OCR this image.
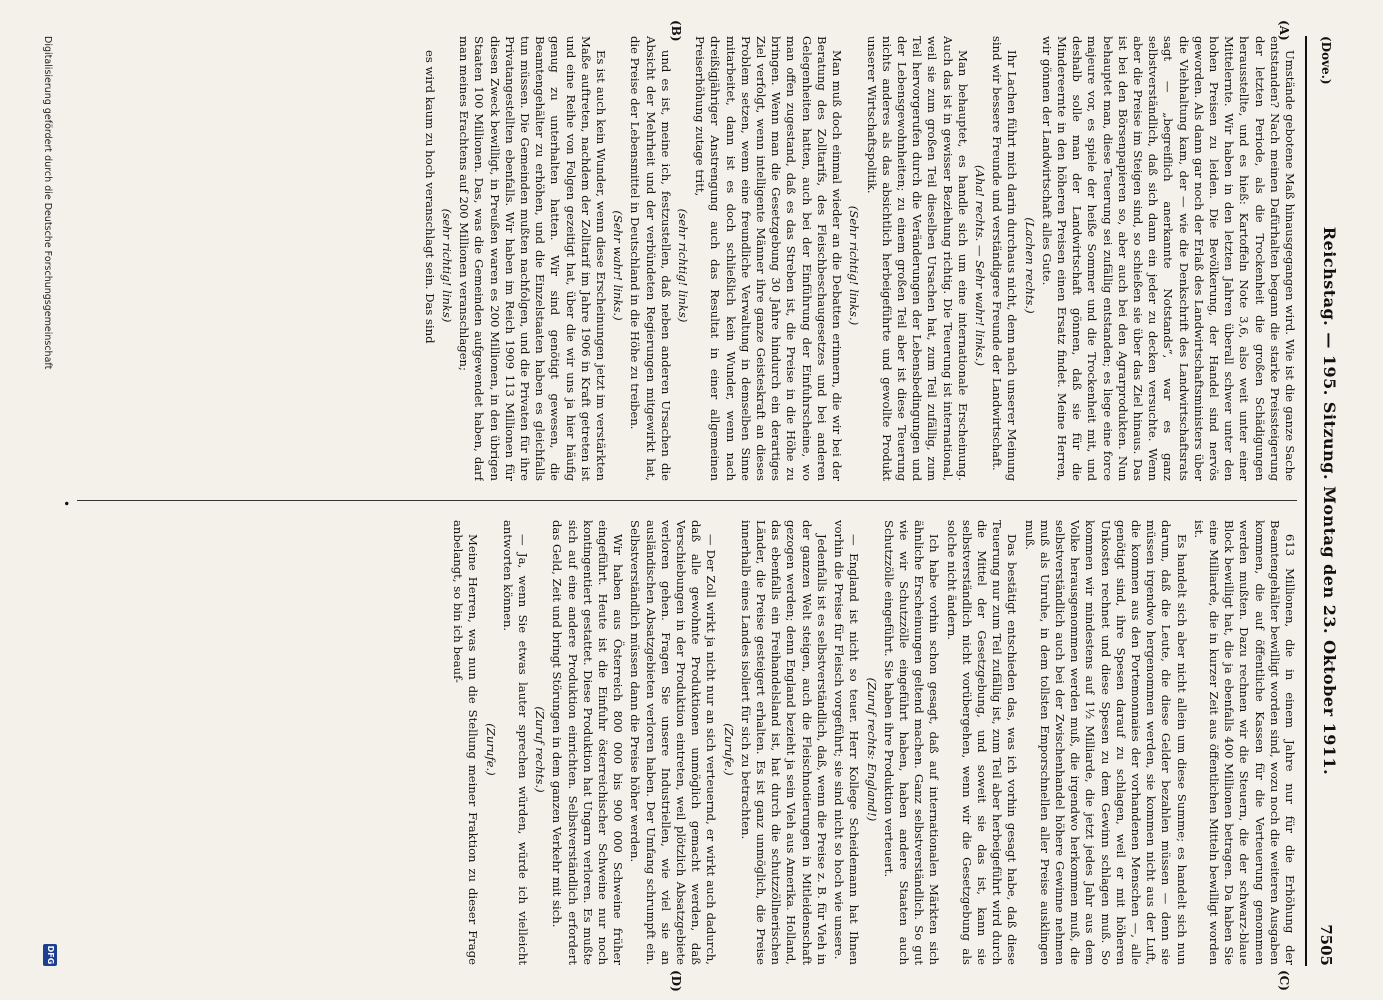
(Dove.)
Reichstag. — 195. Sitzung. Montag den 23. Oktober 1911.
7505
(A)
(B)
(C)
(D)

Umstände gebotene Maß hinausgegangen wird. Wie ist die ganze Sache entstanden? Nach meinen Dafürhalten begann die starke Preissteigerung der letzten Periode, als die Trockenheit die großen Schädigungen herausstellte, und es hieß: Kartoffeln Note 3,6, also weit unter einer Mittelernte. Wir haben in den letzten Jahren überall schwer unter den hohen Preisen zu leiden. Die Bevölkerung, der Handel sind nervös geworden. Als dann gar noch der Erlaß des Landwirtschaftsministers über die Viehhaltung kam, der — wie die Denkschrift des Landwirtschaftsrats sagt — „begreiflich anerkannte Notstands“, war es ganz selbstverständlich, daß sich dann ein jeder zu decken versuchte. Wenn aber die Preise im Steigen sind, so schießen sie über das Ziel hinaus. Das ist bei den Börsenpapieren so, aber auch bei den Agrarprodukten. Nun behauptet man, diese Teuerung sei zufällig entstanden; es liege eine force majeure vor, es spiele der heiße Sommer und die Trockenheit mit, und deshalb solle man der Landwirtschaft gönnen, daß sie für die Mindereernte in den höheren Preisen einen Ersatz findet. Meine Herren, wir gönnen der Landwirtschaft alles Gute.

(Lachen rechts.)

Ihr Lachen führt mich darin durchaus nicht, denn nach unserer Meinung sind wir bessere Freunde und verständigere Freunde der Landwirtschaft.

(Aha! rechts. — Sehr wahr! links.)

Man behauptet, es handle sich um eine internationale Erscheinung. Auch das ist in gewisser Beziehung richtig. Die Teuerung ist international, weil sie zum großen Teil dieselben Ursachen hat, zum Teil zufällig, zum Teil hervorgerufen durch die Veränderungen der Lebensbedingungen und der Lebensgewohnheiten; zu einem großen Teil aber ist diese Teuerung nichts anderes als das absichtlich herbeigeführte und gewollte Produkt unserer Wirtschaftspolitik.

(Sehr richtig! links.)

Man muß doch einmal wieder an die Debatten erinnern, die wir bei der Beratung des Zolltarifs, des Fleischbeschaugesetzes und bei anderen Gelegenheiten hatten, auch bei der Einführung der Einfuhrscheine, wo man offen zugestand, daß es das Streben ist, die Preise in die Höhe zu bringen. Wenn man die Gesetzgebung 30 Jahre hindurch ein derartiges Ziel verfolgt, wenn intelligente Männer ihre ganze Geisteskraft an dieses Problem setzen, wenn eine freundliche Verwaltung in demselben Sinne mitarbeitet, dann ist es doch schließlich kein Wunder, wenn nach dreißigjähriger Anstrengung auch das Resultat in einer allgemeinen Preiserhöhung zutage tritt,

(sehr richtig! links)

und es ist, meine ich, festzustellen, daß neben anderen Ursachen die Absicht der Mehrheit und der verbündeten Regierungen mitgewirkt hat, die Preise der Lebensmittel in Deutschland in die Höhe zu treiben.

(Sehr wahr! links.)

Es ist auch kein Wunder, wenn diese Erscheinungen jetzt im verstärkten Maße auftreten, nachdem der Zolltarif im Jahre 1906 in Kraft getreten ist und eine Reihe von Folgen gezeitigt hat, über die wir uns ja hier häufig genug zu unterhalten hatten. Wir sind genötigt gewesen, die Beamtengehälter zu erhöhen, und die Einzelstaaten haben es gleichfalls tun müssen. Die Gemeinden mußten nachfolgen, und die Privaten für ihre Privatangestellten ebenfalls. Wir haben im Reich 1909 113 Millionen für diesen Zweck bewilligt, in Preußen waren es 200 Millionen, in den übrigen Staaten 100 Millionen. Das, was die Gemeinden aufgewendet haben, darf man meines Erachtens auf 200 Millionen veranschlagen;

(sehr richtig! links)

es wird kaum zu hoch veranschlagt sein. Das sind

613 Millionen, die in einem Jahre nur für die Erhöhung der Beamtengehälter bewilligt worden sind, wozu noch die weiteren Ausgaben kommen, die auf öffentliche Kassen für die Verteuerung genommen werden mußten. Dazu rechnen wir die Steuern, die der schwarz-blaue Block bewilligt hat, die ja ebenfalls 400 Millionen betragen. Da haben Sie eine Milliarde, die in kurzer Zeit aus öffentlichen Mitteln bewilligt worden ist.

Es handelt sich aber nicht allein um diese Summe; es handelt sich nun darum, daß die Leute, die diese Gelder bezahlen müssen — denn sie müssen irgendwo hergenommen werden, sie kommen nicht aus der Luft, die kommen aus den Portemonnaies der vorhandenen Menschen —, alle genötigt sind, ihre Spesen darauf zu schlagen, weil er mit höheren Unkosten rechnet und diese Spesen zu dem Gewinn schlagen muß. So kommen wir mindestens auf 1½ Milliarde, die jetzt jedes Jahr aus dem Volke herausgenommen werden muß, die irgendwo herkommen muß, die selbstverständlich auch bei der Zwischenhandel höhere Gewinne nehmen muß als Unruhe, in dem tollsten Emporschnellen aller Preise ausklingen muß.

Das bestätigt entschieden das, was ich vorhin gesagt habe, daß diese Teuerung nur zum Teil zufällig ist, zum Teil aber herbeigeführt wird durch die Mittel der Gesetzgebung, und soweit sie das ist, kann sie selbstverständlich nicht vorübergehen, wenn wir die Gesetzgebung als solche nicht ändern.

Ich habe vorhin schon gesagt, daß auf internationalen Märkten sich ähnliche Erscheinungen geltend machen. Ganz selbstverständlich. So gut wie wir Schutzzölle eingeführt haben, haben andere Staaten auch Schutzzölle eingeführt. Sie haben ihre Produktion verteuert.

(Zuruf rechts: England!)

— England ist nicht so teuer. Herr Kollege Scheidemann hat Ihnen vorhin die Preise für Fleisch vorgeführt; sie sind nicht so hoch wie unsere.

Jedenfalls ist es selbstverständlich, daß, wenn die Preise z. B. für Vieh in der ganzen Welt steigen, auch die Fleischnotierungen in Mitleidenschaft gezogen werden; denn England bezieht ja sein Vieh aus Amerika. Holland, das ebenfalls ein Freihandelsland ist, hat durch die schutzzöllnerischen Länder, die Preise gesteigert erhalten. Es ist ganz unmöglich, die Preise innerhalb eines Landes isoliert für sich zu betrachten.

(Zurufe.)

— Der Zoll wirkt ja nicht nur an sich verteuernd, er wirkt auch dadurch, daß alle gewohnte Produktionen unmöglich gemacht werden, daß Verschiebungen in der Produktion eintreten, weil plötzlich Absatzgebiete verloren gehen. Fragen Sie unsere Industriellen, wie viel sie an ausländischen Absatzgebieten verloren haben. Der Umfang schrumpft ein. Selbstverständlich müssen dann die Preise höher werden.

Wir haben aus Österreich 800 000 bis 900 000 Schweine früher eingeführt. Heute ist die Einfuhr österreichischer Schweine nur noch kontingentiert gestattet. Diese Produktion hat Ungarn verloren. Es mußte sich auf eine andere Produktion einrichten. Selbstverständlich erfordert das Geld, Zeit und bringt Störungen in dem ganzen Verkehr mit sich.

(Zuruf rechts.)

— Ja, wenn Sie etwas lauter sprechen würden, würde ich vielleicht antworten können.

(Zurufe.)

Meine Herren, was nun die Stellung meiner Fraktion zu dieser Frage anbelangt, so bin ich beauf-

•
Digitalisierung gefördert durch die Deutsche Forschungsgemeinschaft
DFG
